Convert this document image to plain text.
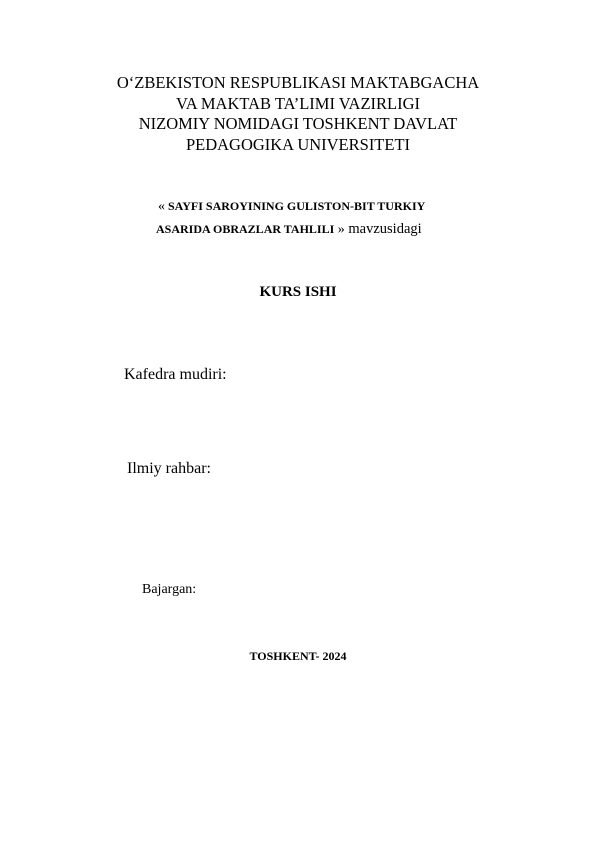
O‘ZBEKISTON RESPUBLIKASI MAKTABGACHA
VA MAKTAB TA’LIMI VAZIRLIGI
NIZOMIY NOMIDAGI TOSHKENT DAVLAT
PEDAGOGIKA UNIVERSITETI
« SAYFI SAROYINING GULISTON-BIT TURKIY
ASARIDA OBRAZLAR TAHLILI » mavzusidagi
KURS ISHI
Kafedra mudiri:
Ilmiy rahbar:
Bajargan:
TOSHKENT- 2024
